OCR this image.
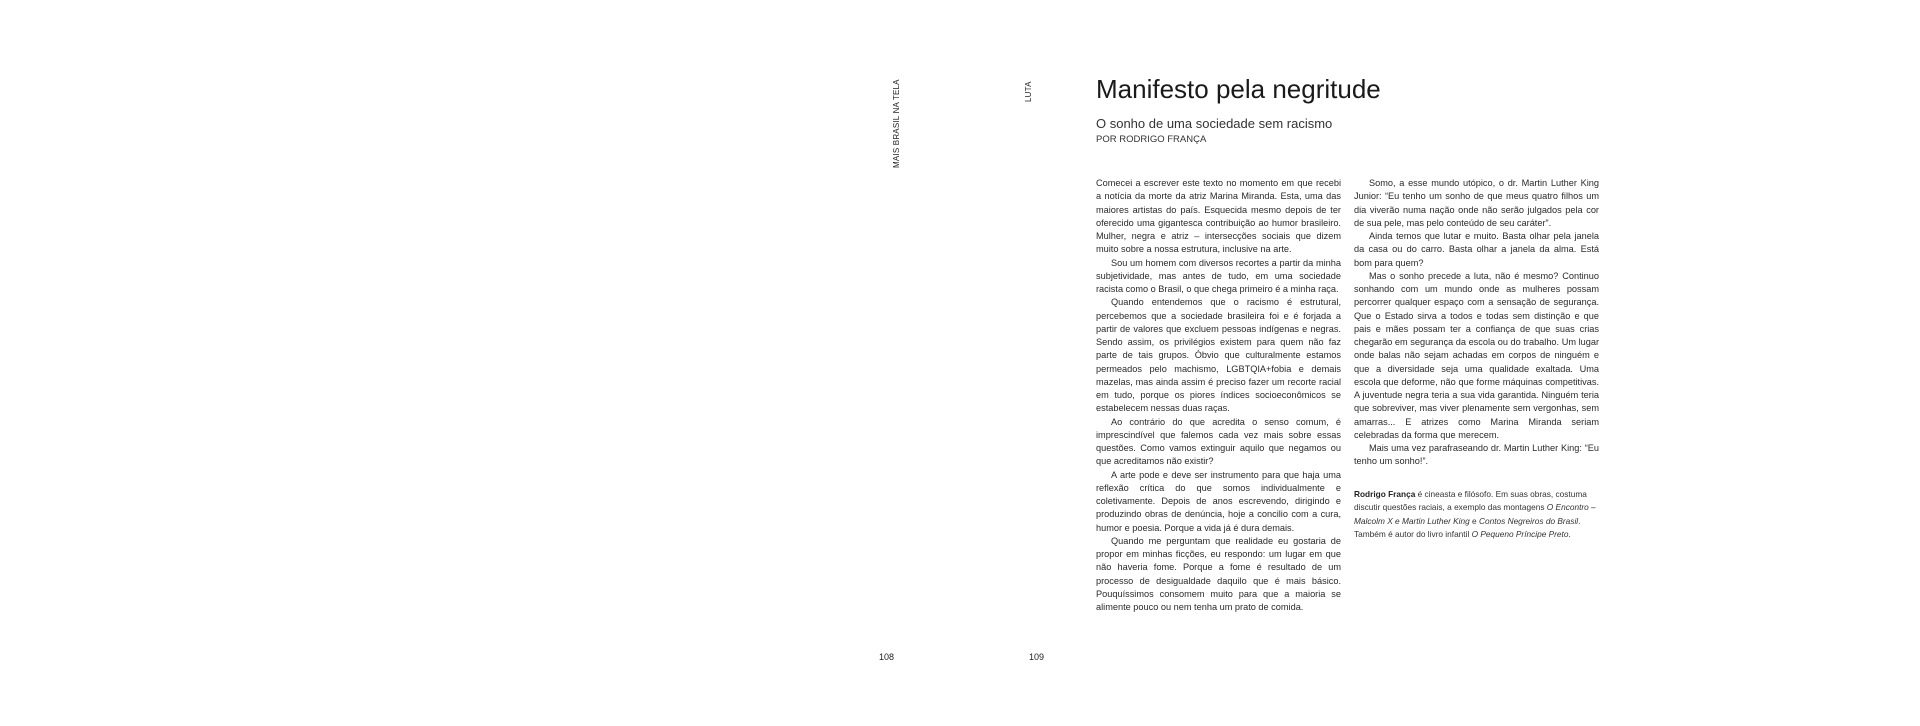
MAIS BRASIL NA TELA	LUTA Manifesto pela negritude
O sonho de uma sociedade sem racismo
POR RODRIGO FRANÇA

Comecei a escrever este texto no momento em que recebi a notícia da morte da atriz Marina Miranda. Esta, uma das maiores artistas do país. Esquecida mesmo depois de ter oferecido uma gigantesca contribuição ao humor brasileiro. Mulher, negra e atriz – intersecções sociais que dizem muito sobre a nossa estrutura, inclusive na arte.

Sou um homem com diversos recortes a partir da minha subjetividade, mas antes de tudo, em uma sociedade racista como o Brasil, o que chega primeiro é a minha raça.

Quando entendemos que o racismo é estrutural, percebemos que a sociedade brasileira foi e é forjada a partir de valores que excluem pessoas indígenas e negras. Sendo assim, os privilégios existem para quem não faz parte de tais grupos. Óbvio que culturalmente estamos permeados pelo machismo, LGBTQIA+fobia e demais mazelas, mas ainda assim é preciso fazer um recorte racial em tudo, porque os piores índices socioeconômicos se estabelecem nessas duas raças.

Ao contrário do que acredita o senso comum, é imprescindível que falemos cada vez mais sobre essas questões. Como vamos extinguir aquilo que negamos ou que acreditamos não existir?

A arte pode e deve ser instrumento para que haja uma reflexão crítica do que somos individualmente e coletivamente. Depois de anos escrevendo, dirigindo e produzindo obras de denúncia, hoje a concilio com a cura, humor e poesia. Porque a vida já é dura demais.

Quando me perguntam que realidade eu gostaria de propor em minhas ficções, eu respondo: um lugar em que não haveria fome. Porque a fome é resultado de um processo de desigualdade daquilo que é mais básico. Pouquíssimos consomem muito para que a maioria se alimente pouco ou nem tenha um prato de comida.

Somo, a esse mundo utópico, o dr. Martin Luther King Junior: “Eu tenho um sonho de que meus quatro filhos um dia viverão numa nação onde não serão julgados pela cor de sua pele, mas pelo conteúdo de seu caráter”.

Ainda temos que lutar e muito. Basta olhar pela janela da casa ou do carro. Basta olhar a janela da alma. Está bom para quem?

Mas o sonho precede a luta, não é mesmo? Continuo sonhando com um mundo onde as mulheres possam percorrer qualquer espaço com a sensação de segurança. Que o Estado sirva a todos e todas sem distinção e que pais e mães possam ter a confiança de que suas crias chegarão em segurança da escola ou do trabalho. Um lugar onde balas não sejam achadas em corpos de ninguém e que a diversidade seja uma qualidade exaltada. Uma escola que deforme, não que forme máquinas competitivas. A juventude negra teria a sua vida garantida. Ninguém teria que sobreviver, mas viver plenamente sem vergonhas, sem amarras... E atrizes como Marina Miranda seriam celebradas da forma que merecem.

Mais uma vez parafraseando dr. Martin Luther King: “Eu tenho um sonho!”.

Rodrigo França é cineasta e filósofo. Em suas obras, costuma discutir questões raciais, a exemplo das montagens O Encontro – Malcolm X e Martin Luther King e Contos Negreiros do Brasil. Também é autor do livro infantil O Pequeno Príncipe Preto.
108	109
